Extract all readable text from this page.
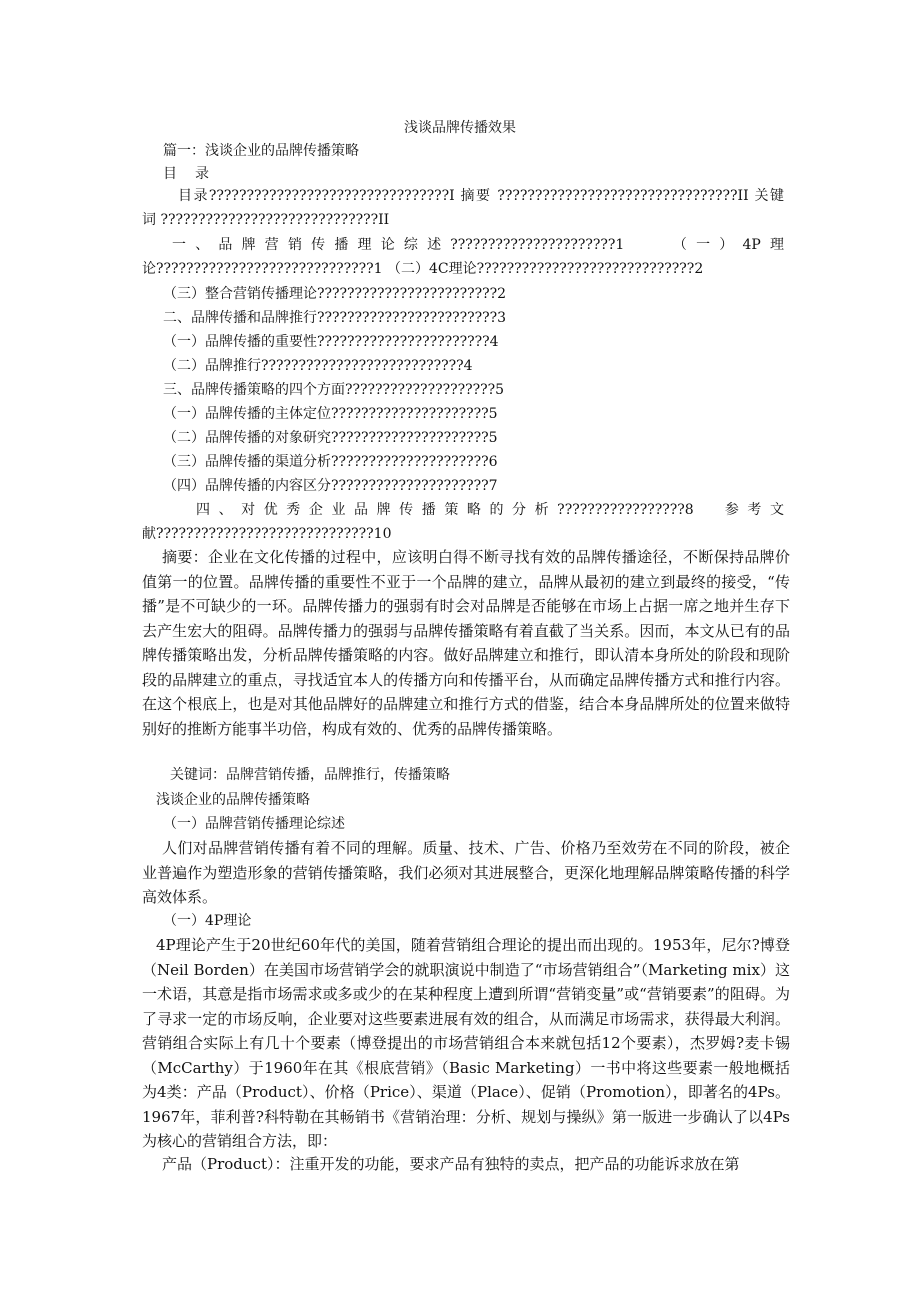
浅谈品牌传播效果
篇一：浅谈企业的品牌传播策略
目　录
目录????????????????????????????????I 摘要 ????????????????????????????????II 关键词 ?????????????????????????????II
一、品牌营销传播理论综述??????????????????????1　　（一）4P理论?????????????????????????????1 （二）4C理论?????????????????????????????2
（三）整合营销传播理论????????????????????????2
二、品牌传播和品牌推行????????????????????????3
（一）品牌传播的重要性???????????????????????4
（二）品牌推行???????????????????????????4
三、品牌传播策略的四个方面????????????????????5
（一）品牌传播的主体定位?????????????????????5
（二）品牌传播的对象研究?????????????????????5
（三）品牌传播的渠道分析?????????????????????6
（四）品牌传播的内容区分?????????????????????7
四、对优秀企业品牌传播策略的分析?????????????????8　参考文献?????????????????????????????10
摘要：企业在文化传播的过程中，应该明白得不断寻找有效的品牌传播途径，不断保持品牌价值第一的位置。品牌传播的重要性不亚于一个品牌的建立，品牌从最初的建立到最终的接受，“传播”是不可缺少的一环。品牌传播力的强弱有时会对品牌是否能够在市场上占据一席之地并生存下去产生宏大的阻碍。品牌传播力的强弱与品牌传播策略有着直截了当关系。因而，本文从已有的品牌传播策略出发，分析品牌传播策略的内容。做好品牌建立和推行，即认清本身所处的阶段和现阶段的品牌建立的重点，寻找适宜本人的传播方向和传播平台，从而确定品牌传播方式和推行内容。在这个根底上，也是对其他品牌好的品牌建立和推行方式的借鉴，结合本身品牌所处的位置来做特别好的推断方能事半功倍，构成有效的、优秀的品牌传播策略。
关键词：品牌营销传播，品牌推行，传播策略
浅谈企业的品牌传播策略
（一）品牌营销传播理论综述
人们对品牌营销传播有着不同的理解。质量、技术、广告、价格乃至效劳在不同的阶段，被企业普遍作为塑造形象的营销传播策略，我们必须对其进展整合，更深化地理解品牌策略传播的科学高效体系。
（一）4P理论
4P理论产生于20世纪60年代的美国，随着营销组合理论的提出而出现的。1953年，尼尔?博登（Neil Borden）在美国市场营销学会的就职演说中制造了“市场营销组合”（Marketing mix）这一术语，其意是指市场需求或多或少的在某种程度上遭到所谓“营销变量”或“营销要素”的阻碍。为了寻求一定的市场反响，企业要对这些要素进展有效的组合，从而满足市场需求，获得最大利润。营销组合实际上有几十个要素（博登提出的市场营销组合本来就包括12个要素），杰罗姆?麦卡锡（McCarthy）于1960年在其《根底营销》（Basic Marketing）一书中将这些要素一般地概括为4类：产品（Product）、价格（Price）、渠道（Place）、促销（Promotion），即著名的4Ps。1967年，菲利普?科特勒在其畅销书《营销治理：分析、规划与操纵》第一版进一步确认了以4Ps为核心的营销组合方法，即：
产品（Product）：注重开发的功能，要求产品有独特的卖点，把产品的功能诉求放在第
